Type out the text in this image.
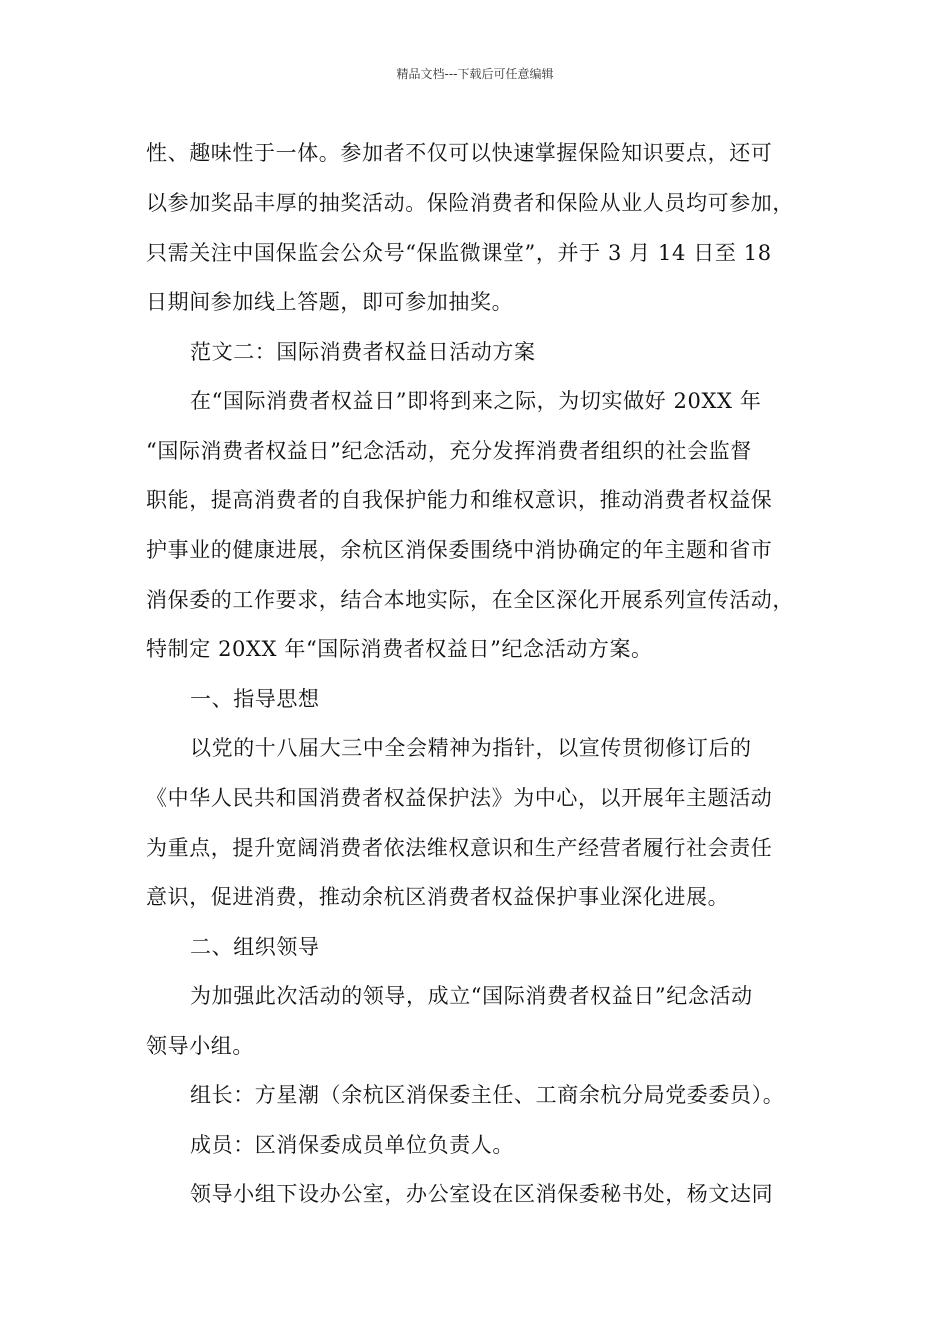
精品文档---下载后可任意编辑
性、趣味性于一体。参加者不仅可以快速掌握保险知识要点，还可
以参加奖品丰厚的抽奖活动。保险消费者和保险从业人员均可参加，
只需关注中国保监会公众号“保监微课堂”，并于 3 月 14 日至 18
日期间参加线上答题，即可参加抽奖。
范文二：国际消费者权益日活动方案
在“国际消费者权益日”即将到来之际，为切实做好 20XX 年
“国际消费者权益日”纪念活动，充分发挥消费者组织的社会监督
职能，提高消费者的自我保护能力和维权意识，推动消费者权益保
护事业的健康进展，余杭区消保委围绕中消协确定的年主题和省市
消保委的工作要求，结合本地实际，在全区深化开展系列宣传活动，
特制定 20XX 年“国际消费者权益日”纪念活动方案。
一、指导思想
以党的十八届大三中全会精神为指针，以宣传贯彻修订后的
《中华人民共和国消费者权益保护法》为中心，以开展年主题活动
为重点，提升宽阔消费者依法维权意识和生产经营者履行社会责任
意识，促进消费，推动余杭区消费者权益保护事业深化进展。
二、组织领导
为加强此次活动的领导，成立“国际消费者权益日”纪念活动
领导小组。
组长：方星潮（余杭区消保委主任、工商余杭分局党委委员）。
成员：区消保委成员单位负责人。
领导小组下设办公室，办公室设在区消保委秘书处，杨文达同
